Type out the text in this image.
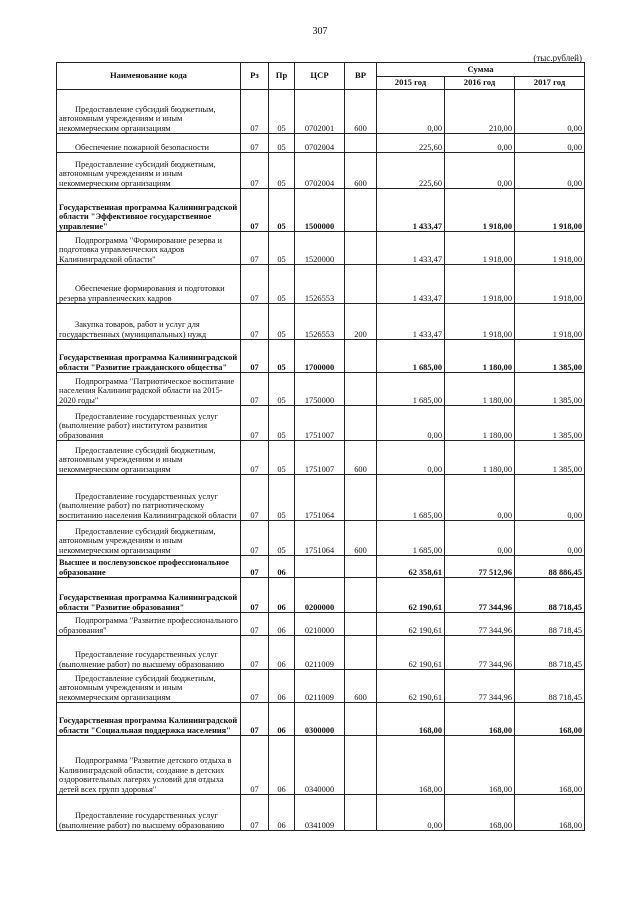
307
(тыс.рублей)
Наименование кода	Рз	Пр	ЦСР	ВР	Сумма		
					2015 год	2016 год	2017 год
Предоставление субсидий бюджетным, автономным учреждениям и иным некоммерческим организациям	07	05	0702001	600	0,00	210,00	0,00
Обеспечение пожарной безопасности	07	05	0702004		225,60	0,00	0,00
Предоставление субсидий бюджетным, автономным учреждениям и иным некоммерческим организациям	07	05	0702004	600	225,60	0,00	0,00
Государственная программа Калининградской области "Эффективное государственное управление"	07	05	1500000		1 433,47	1 918,00	1 918,00
Подпрограмма "Формирование резерва и подготовка управленческих кадров Калининградской области"	07	05	1520000		1 433,47	1 918,00	1 918,00
Обеспечение формирования и подготовки резерва управленческих кадров	07	05	1526553		1 433,47	1 918,00	1 918,00
Закупка товаров, работ и услуг для государственных (муниципальных) нужд	07	05	1526553	200	1 433,47	1 918,00	1 918,00
Государственная программа Калининградской области "Развитие гражданского общества"	07	05	1700000		1 685,00	1 180,00	1 385,00
Подпрограмма "Патриотическое воспитание населения Калининградской области на 2015-2020 годы"	07	05	1750000		1 685,00	1 180,00	1 385,00
Предоставление государственных услуг (выполнение работ) институтом развития образования	07	05	1751007		0,00	1 180,00	1 385,00
Предоставление субсидий бюджетным, автономным учреждениям и иным некоммерческим организациям	07	05	1751007	600	0,00	1 180,00	1 385,00
Предоставление государственных услуг (выполнение работ) по патриотическому воспитанию населения Калининградской области	07	05	1751064		1 685,00	0,00	0,00
Предоставление субсидий бюджетным, автономным учреждениям и иным некоммерческим организациям	07	05	1751064	600	1 685,00	0,00	0,00
Высшее и послевузовское профессиональное образование	07	06			62 358,61	77 512,96	88 886,45
Государственная программа Калининградской области "Развитие образования"	07	06	0200000		62 190,61	77 344,96	88 718,45
Подпрограмма "Развитие профессионального образования"	07	06	0210000		62 190,61	77 344,96	88 718,45
Предоставление государственных услуг (выполнение работ) по высшему образованию	07	06	0211009		62 190,61	77 344,96	88 718,45
Предоставление субсидий бюджетным, автономным учреждениям и иным некоммерческим организациям	07	06	0211009	600	62 190,61	77 344,96	88 718,45
Государственная программа Калининградской области "Социальная поддержка населения"	07	06	0300000		168,00	168,00	168,00
Подпрограмма "Развитие детского отдыха в Калининградской области, создание в детских оздоровительных лагерях условий для отдыха детей всех групп здоровья"	07	06	0340000		168,00	168,00	168,00
Предоставление государственных услуг (выполнение работ) по высшему образованию	07	06	0341009		0,00	168,00	168,00
